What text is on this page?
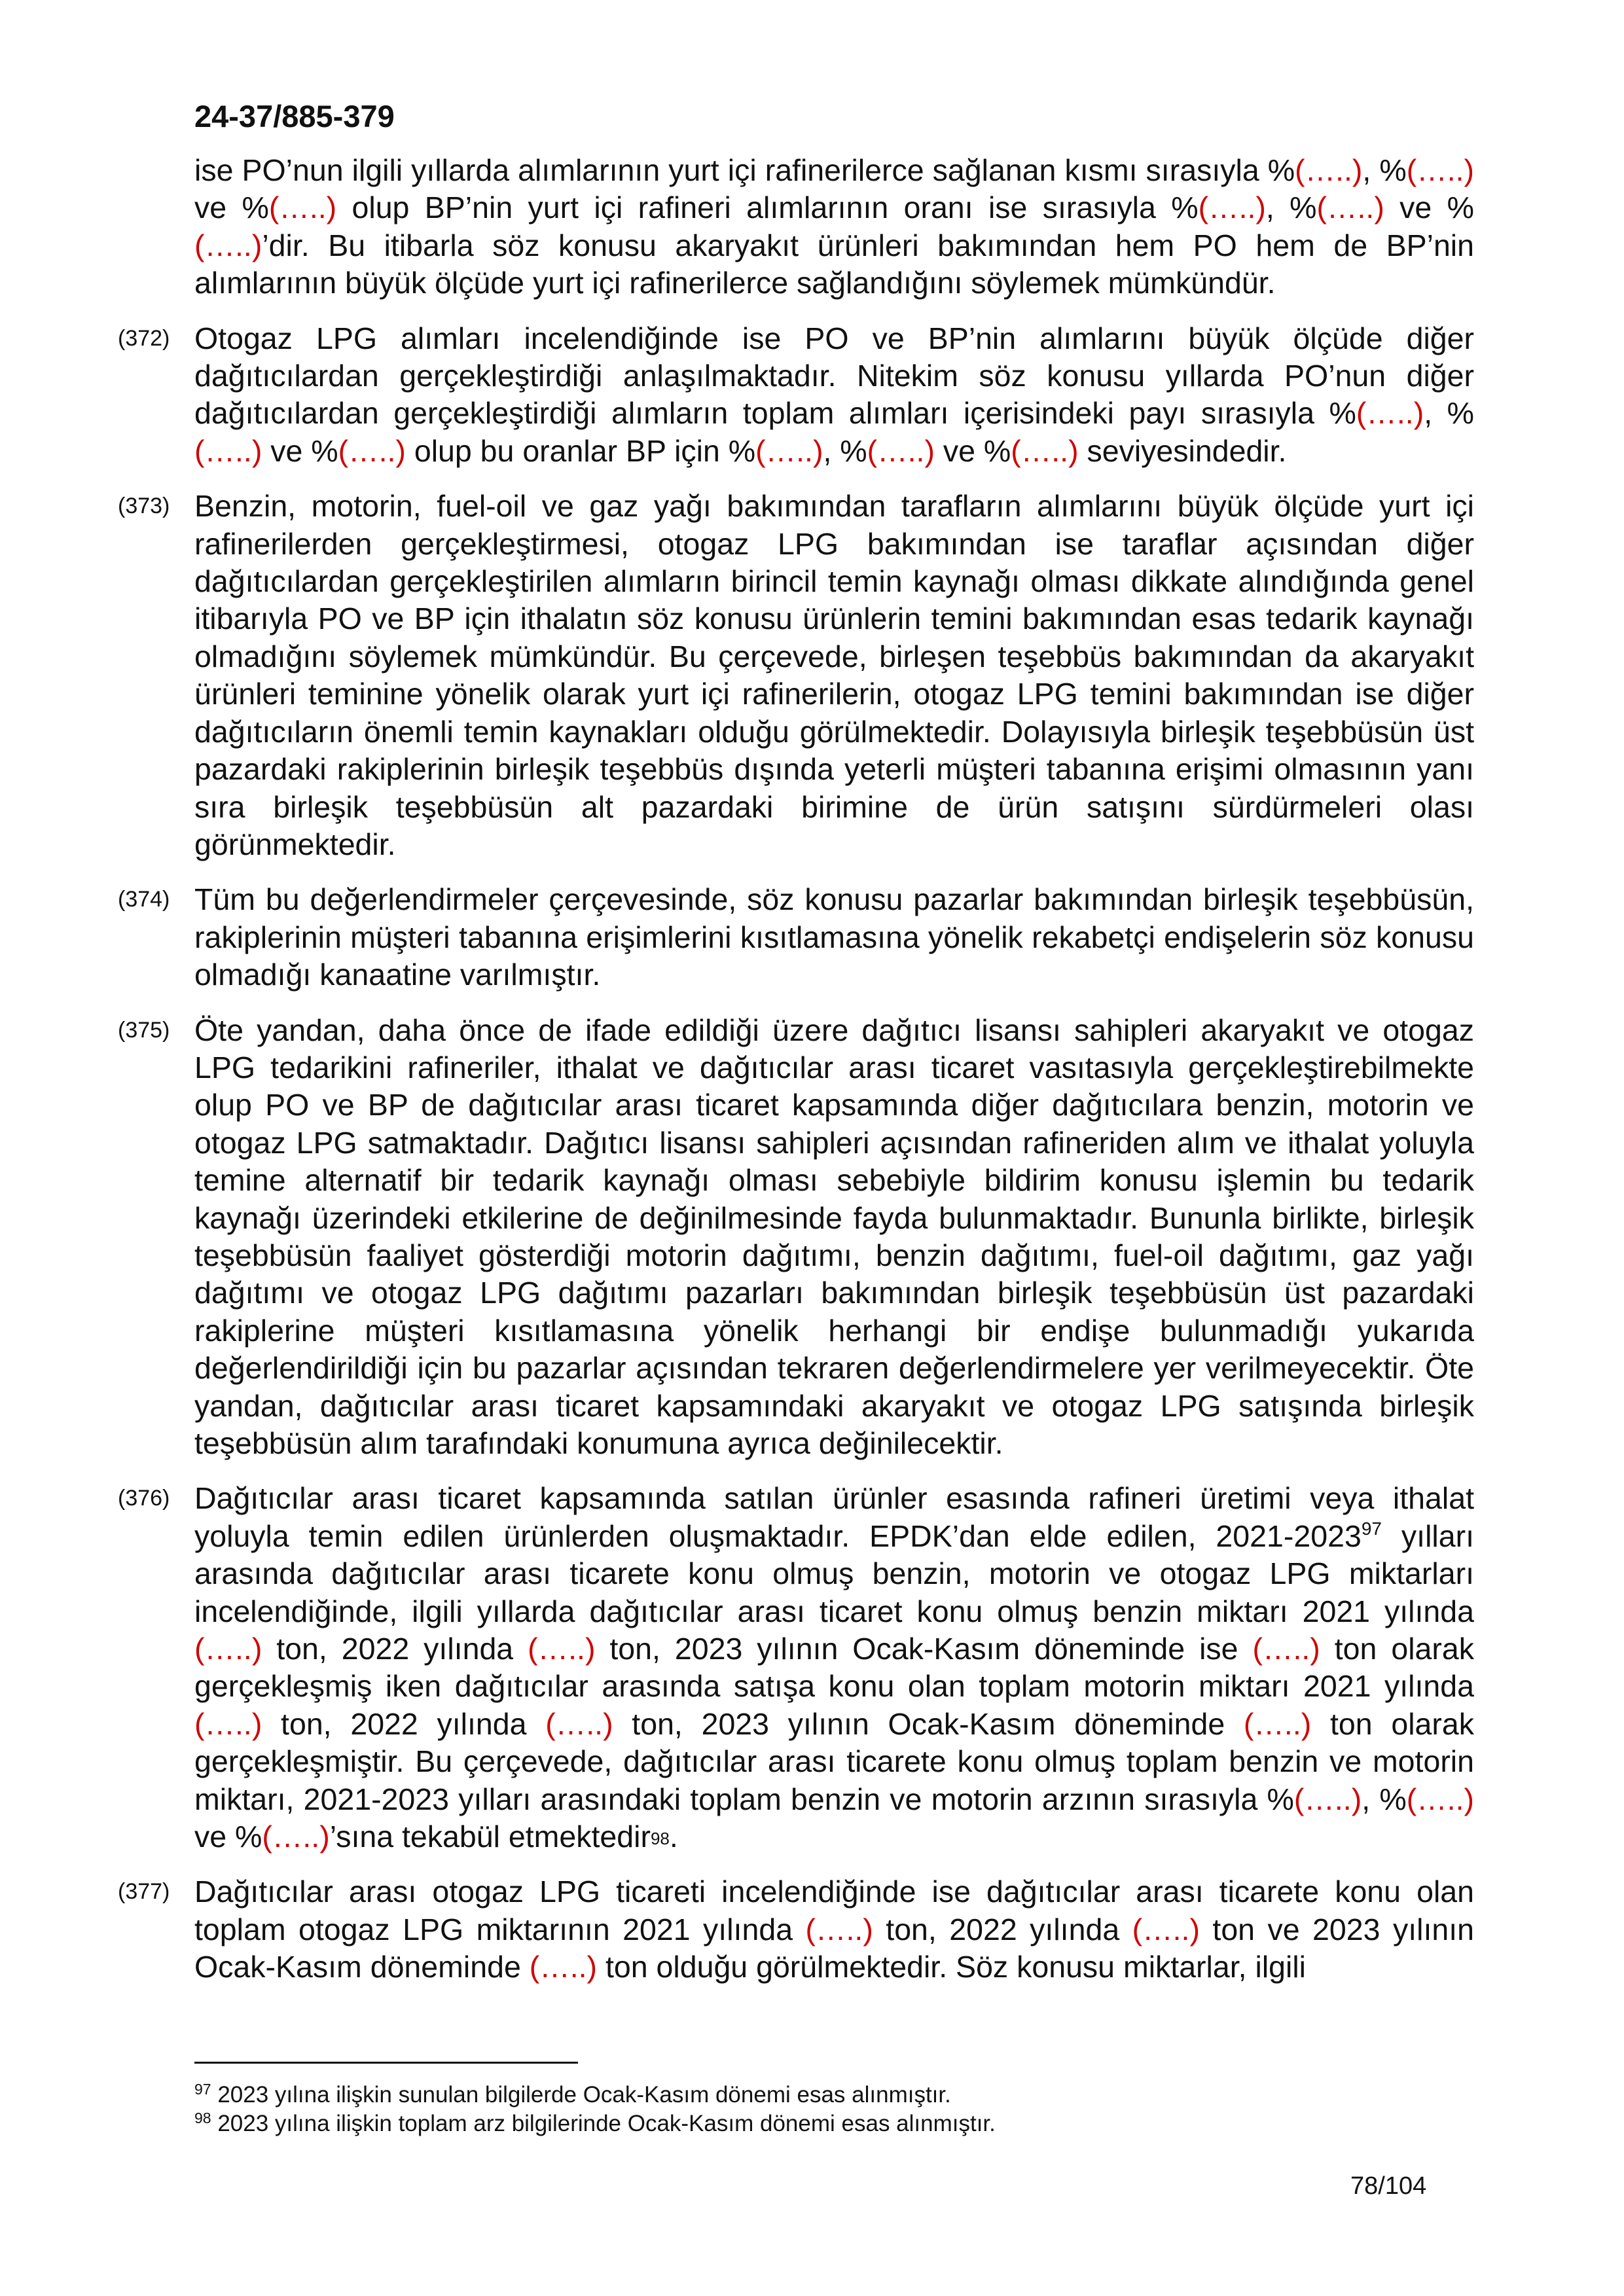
24-37/885-379

ise PO’nun ilgili yıllarda alımlarının yurt içi rafinerilerce sağlanan kısmı sırasıyla %(…..), %(…..) ve %(…..) olup BP’nin yurt içi rafineri alımlarının oranı ise sırasıyla %(…..), %(…..) ve %(…..)’dir. Bu itibarla söz konusu akaryakıt ürünleri bakımından hem PO hem de BP’nin alımlarının büyük ölçüde yurt içi rafinerilerce sağlandığını söylemek mümkündür.

(372) Otogaz LPG alımları incelendiğinde ise PO ve BP’nin alımlarını büyük ölçüde diğer dağıtıcılardan gerçekleştirdiği anlaşılmaktadır. Nitekim söz konusu yıllarda PO’nun diğer dağıtıcılardan gerçekleştirdiği alımların toplam alımları içerisindeki payı sırasıyla %(…..), %(…..) ve %(…..) olup bu oranlar BP için %(…..), %(…..) ve %(…..) seviyesindedir.

(373) Benzin, motorin, fuel-oil ve gaz yağı bakımından tarafların alımlarını büyük ölçüde yurt içi rafinerilerden gerçekleştirmesi, otogaz LPG bakımından ise taraflar açısından diğer dağıtıcılardan gerçekleştirilen alımların birincil temin kaynağı olması dikkate alındığında genel itibarıyla PO ve BP için ithalatın söz konusu ürünlerin temini bakımından esas tedarik kaynağı olmadığını söylemek mümkündür. Bu çerçevede, birleşen teşebbüs bakımından da akaryakıt ürünleri teminine yönelik olarak yurt içi rafinerilerin, otogaz LPG temini bakımından ise diğer dağıtıcıların önemli temin kaynakları olduğu görülmektedir. Dolayısıyla birleşik teşebbüsün üst pazardaki rakiplerinin birleşik teşebbüs dışında yeterli müşteri tabanına erişimi olmasının yanı sıra birleşik teşebbüsün alt pazardaki birimine de ürün satışını sürdürmeleri olası görünmektedir.

(374) Tüm bu değerlendirmeler çerçevesinde, söz konusu pazarlar bakımından birleşik teşebbüsün, rakiplerinin müşteri tabanına erişimlerini kısıtlamasına yönelik rekabetçi endişelerin söz konusu olmadığı kanaatine varılmıştır.

(375) Öte yandan, daha önce de ifade edildiği üzere dağıtıcı lisansı sahipleri akaryakıt ve otogaz LPG tedarikini rafineriler, ithalat ve dağıtıcılar arası ticaret vasıtasıyla gerçekleştirebilmekte olup PO ve BP de dağıtıcılar arası ticaret kapsamında diğer dağıtıcılara benzin, motorin ve otogaz LPG satmaktadır. Dağıtıcı lisansı sahipleri açısından rafineriden alım ve ithalat yoluyla temine alternatif bir tedarik kaynağı olması sebebiyle bildirim konusu işlemin bu tedarik kaynağı üzerindeki etkilerine de değinilmesinde fayda bulunmaktadır. Bununla birlikte, birleşik teşebbüsün faaliyet gösterdiği motorin dağıtımı, benzin dağıtımı, fuel-oil dağıtımı, gaz yağı dağıtımı ve otogaz LPG dağıtımı pazarları bakımından birleşik teşebbüsün üst pazardaki rakiplerine müşteri kısıtlamasına yönelik herhangi bir endişe bulunmadığı yukarıda değerlendirildiği için bu pazarlar açısından tekraren değerlendirmelere yer verilmeyecektir. Öte yandan, dağıtıcılar arası ticaret kapsamındaki akaryakıt ve otogaz LPG satışında birleşik teşebbüsün alım tarafındaki konumuna ayrıca değinilecektir.

(376) Dağıtıcılar arası ticaret kapsamında satılan ürünler esasında rafineri üretimi veya ithalat yoluyla temin edilen ürünlerden oluşmaktadır. EPDK’dan elde edilen, 2021-2023$^{97}$ yılları arasında dağıtıcılar arası ticarete konu olmuş benzin, motorin ve otogaz LPG miktarları incelendiğinde, ilgili yıllarda dağıtıcılar arası ticaret konu olmuş benzin miktarı 2021 yılında (…..) ton, 2022 yılında (…..) ton, 2023 yılının Ocak-Kasım döneminde ise (…..) ton olarak gerçekleşmiş iken dağıtıcılar arasında satışa konu olan toplam motorin miktarı 2021 yılında (…..) ton, 2022 yılında (…..) ton, 2023 yılının Ocak-Kasım döneminde (…..) ton olarak gerçekleşmiştir. Bu çerçevede, dağıtıcılar arası ticarete konu olmuş toplam benzin ve motorin miktarı, 2021-2023 yılları arasındaki toplam benzin ve motorin arzının sırasıyla %(…..), %(…..) ve %(…..)’sına tekabül etmektedir98.

(377) Dağıtıcılar arası otogaz LPG ticareti incelendiğinde ise dağıtıcılar arası ticarete konu olan toplam otogaz LPG miktarının 2021 yılında (…..) ton, 2022 yılında (…..) ton ve 2023 yılının Ocak-Kasım döneminde (…..) ton olduğu görülmektedir. Söz konusu miktarlar, ilgili

$^{97}$ 2023 yılına ilişkin sunulan bilgilerde Ocak-Kasım dönemi esas alınmıştır.

$^{98}$ 2023 yılına ilişkin toplam arz bilgilerinde Ocak-Kasım dönemi esas alınmıştır.

78/104
